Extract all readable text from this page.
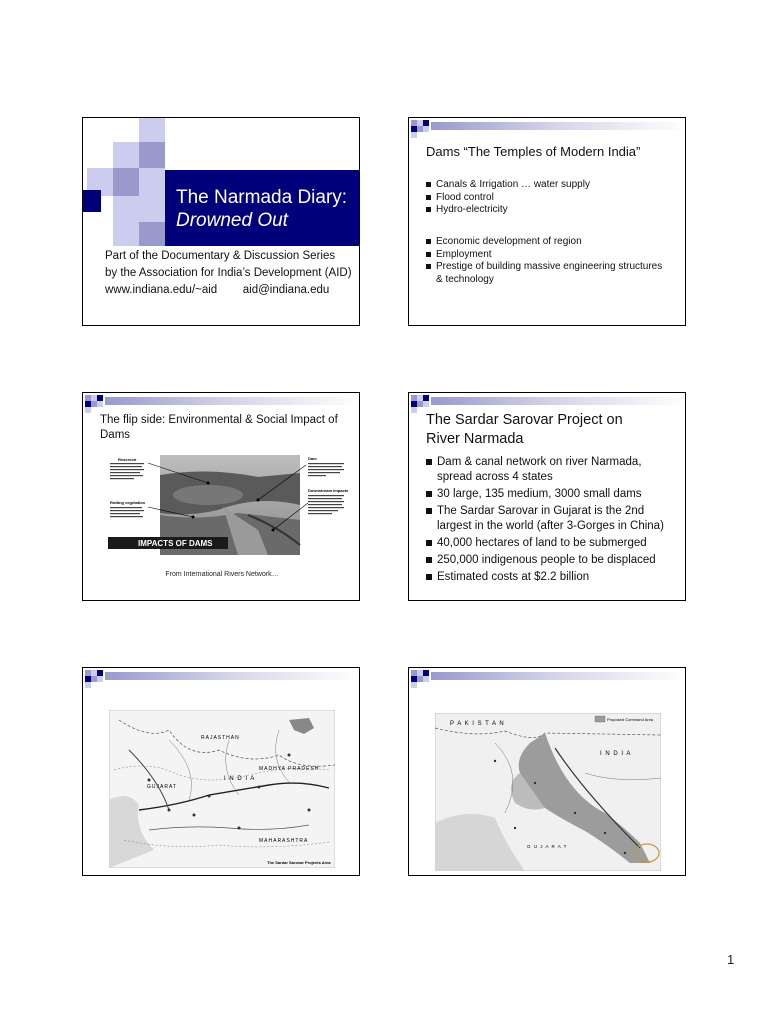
The Narmada Diary:
Drowned Out
Part of the Documentary & Discussion Series
by the Association for India’s Development (AID)
www.indiana.edu/~aid        aid@indiana.edu
Dams “The Temples of Modern India”
Canals & Irrigation … water supply
Flood control
Hydro-electricity
Economic development of region
Employment
Prestige of building massive engineering structures & technology
The flip side: Environmental & Social Impact of Dams
IMPACTS OF DAMS
Reservoir
Rotting vegetation
Dam
Downstream impacts
From International Rivers Network…
The Sardar Sarovar Project on River Narmada
Dam & canal network on river Narmada, spread across 4 states
30 large, 135 medium, 3000 small dams
The Sardar Sarovar in Gujarat is the 2nd largest in the world (after 3-Gorges in China)
40,000 hectares of land to be submerged
250,000 indigenous people to be displaced
Estimated costs at $2.2 billion
RAJASTHAN
GUJARAT
I N D I A
MADHYA PRADESH
MAHARASHTRA
The Sardar Sarovar Projects Area
Proposed Command Area
P A K I S T A N
I N D I A
G U J A R A T
1
